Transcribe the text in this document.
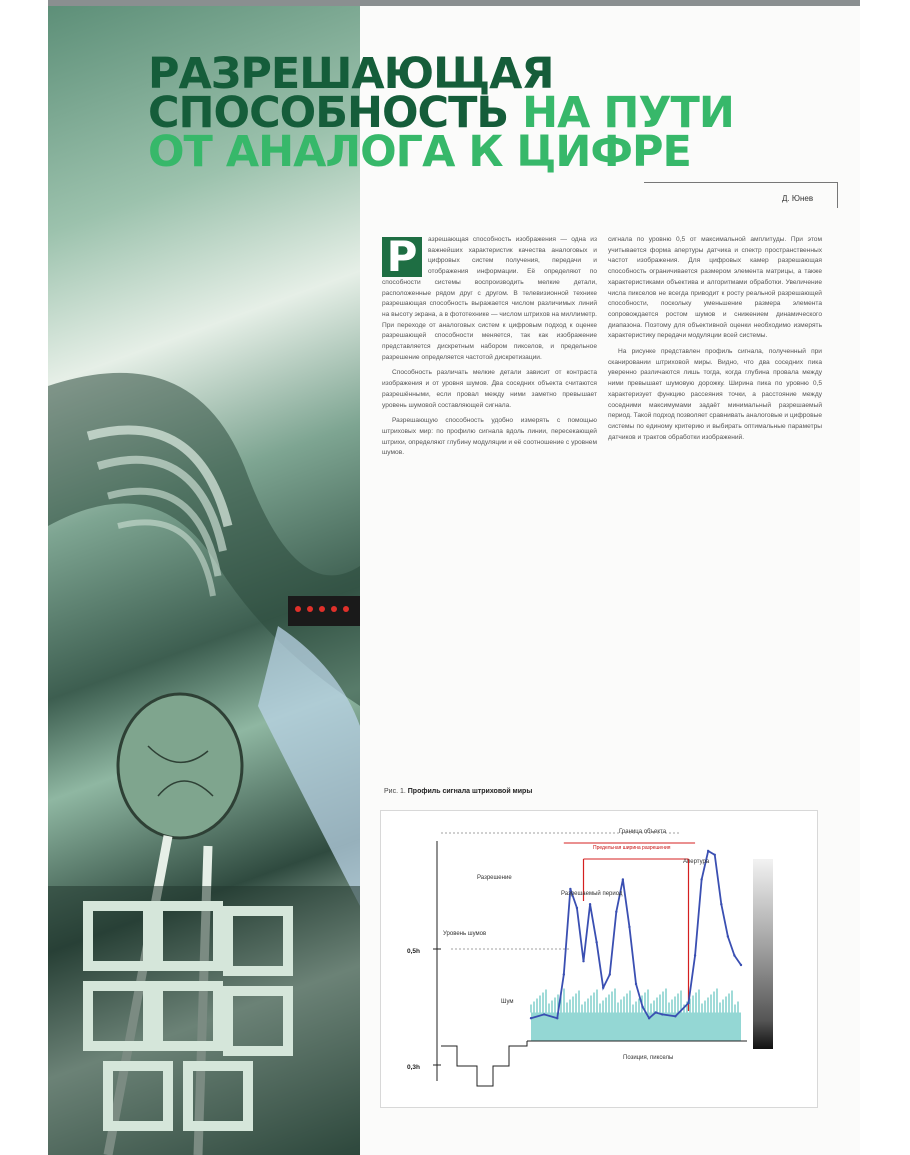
РАЗРЕШАЮЩАЯ
СПОСОБНОСТЬ НА ПУТИ
ОТ АНАЛОГА К ЦИФРЕ
Д. Юнев
Р	азрешающая способность изображения — одна из важнейших характеристик качества аналоговых и цифровых систем получения, передачи и отображения информации. Её определяют по способности системы воспроизводить мелкие детали, расположенные рядом друг с другом. В телевизионной технике разрешающая способность выражается числом различимых линий на высоту экрана, а в фототехнике — числом штрихов на миллиметр. При переходе от аналоговых систем к цифровым подход к оценке разрешающей способности меняется, так как изображение представляется дискретным набором пикселов, и предельное разрешение определяется частотой дискретизации.

Способность различать мелкие детали зависит от контраста изображения и от уровня шумов. Два соседних объекта считаются разрешёнными, если провал между ними заметно превышает уровень шумовой составляющей сигнала.

Разрешающую способность удобно измерять с помощью штриховых мир: по профилю сигнала вдоль линии, пересекающей штрихи, определяют глубину модуляции и её соотношение с уровнем шумов.

сигнала по уровню 0,5 от максимальной амплитуды. При этом учитывается форма апертуры датчика и спектр пространственных частот изображения. Для цифровых камер разрешающая способность ограничивается размером элемента матрицы, а также характеристиками объектива и алгоритмами обработки. Увеличение числа пикселов не всегда приводит к росту реальной разрешающей способности, поскольку уменьшение размера элемента сопровождается ростом шумов и снижением динамического диапазона. Поэтому для объективной оценки необходимо измерять характеристику передачи модуляции всей системы.

На рисунке представлен профиль сигнала, полученный при сканировании штриховой миры. Видно, что два соседних пика уверенно различаются лишь тогда, когда глубина провала между ними превышает шумовую дорожку. Ширина пика по уровню 0,5 характеризует функцию рассеяния точки, а расстояние между соседними максимумами задаёт минимальный разрешаемый период. Такой подход позволяет сравнивать аналоговые и цифровые системы по единому критерию и выбирать оптимальные параметры датчиков и трактов обработки изображений.

Рис. 1. Профиль сигнала штриховой миры
Граница объекта
Предельная ширина разрешения
Разрешение
Уровень шумов
Шум
Апертура
Разрешаемый период
0,5h
0,3h
Позиция, пикселы
